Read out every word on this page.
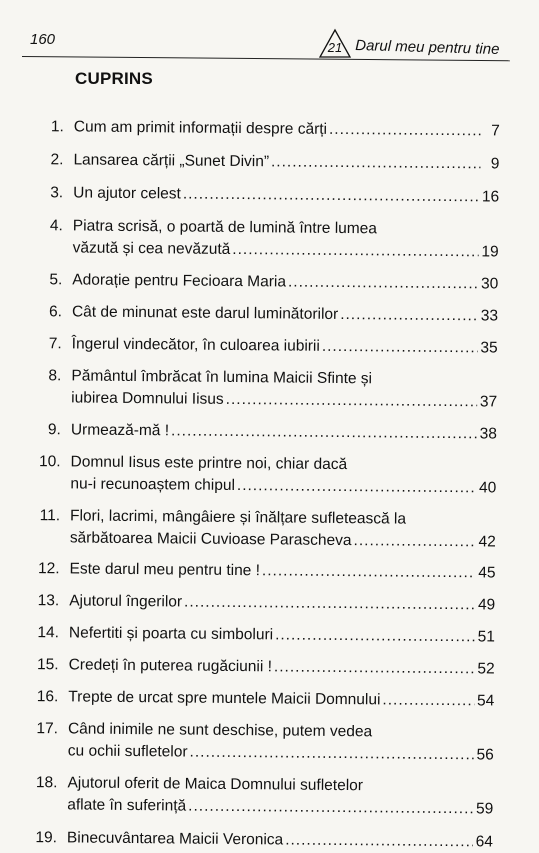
160	21 Darul meu pentru tine
CUPRINS
1. Cum am primit informații despre cărți .....	7
2. Lansarea cărții „Sunet Divin” .....	9
3. Un ajutor celest .....	16
4. Piatra scrisă, o poartă de lumină între lumea
văzută și cea nevăzută .....	19
5. Adorație pentru Fecioara Maria .....	30
6. Cât de minunat este darul luminătorilor .....	33
7. Îngerul vindecător, în culoarea iubirii .....	35
8. Pământul îmbrăcat în lumina Maicii Sfinte și
iubirea Domnului Iisus .....	37
9. Urmează-mă ! .....	38
10. Domnul Iisus este printre noi, chiar dacă
nu-i recunoaștem chipul .....	40
11. Flori, lacrimi, mângâiere și înălțare sufletească la
sărbătoarea Maicii Cuvioase Parascheva .....	42
12. Este darul meu pentru tine ! .....	45
13. Ajutorul îngerilor .....	49
14. Nefertiti și poarta cu simboluri .....	51
15. Credeți în puterea rugăciunii ! .....	52
16. Trepte de urcat spre muntele Maicii Domnului .....	54
17. Când inimile ne sunt deschise, putem vedea
cu ochii sufletelor .....	56
18. Ajutorul oferit de Maica Domnului sufletelor
aflate în suferință .....	59
19. Binecuvântarea Maicii Veronica .....	64
